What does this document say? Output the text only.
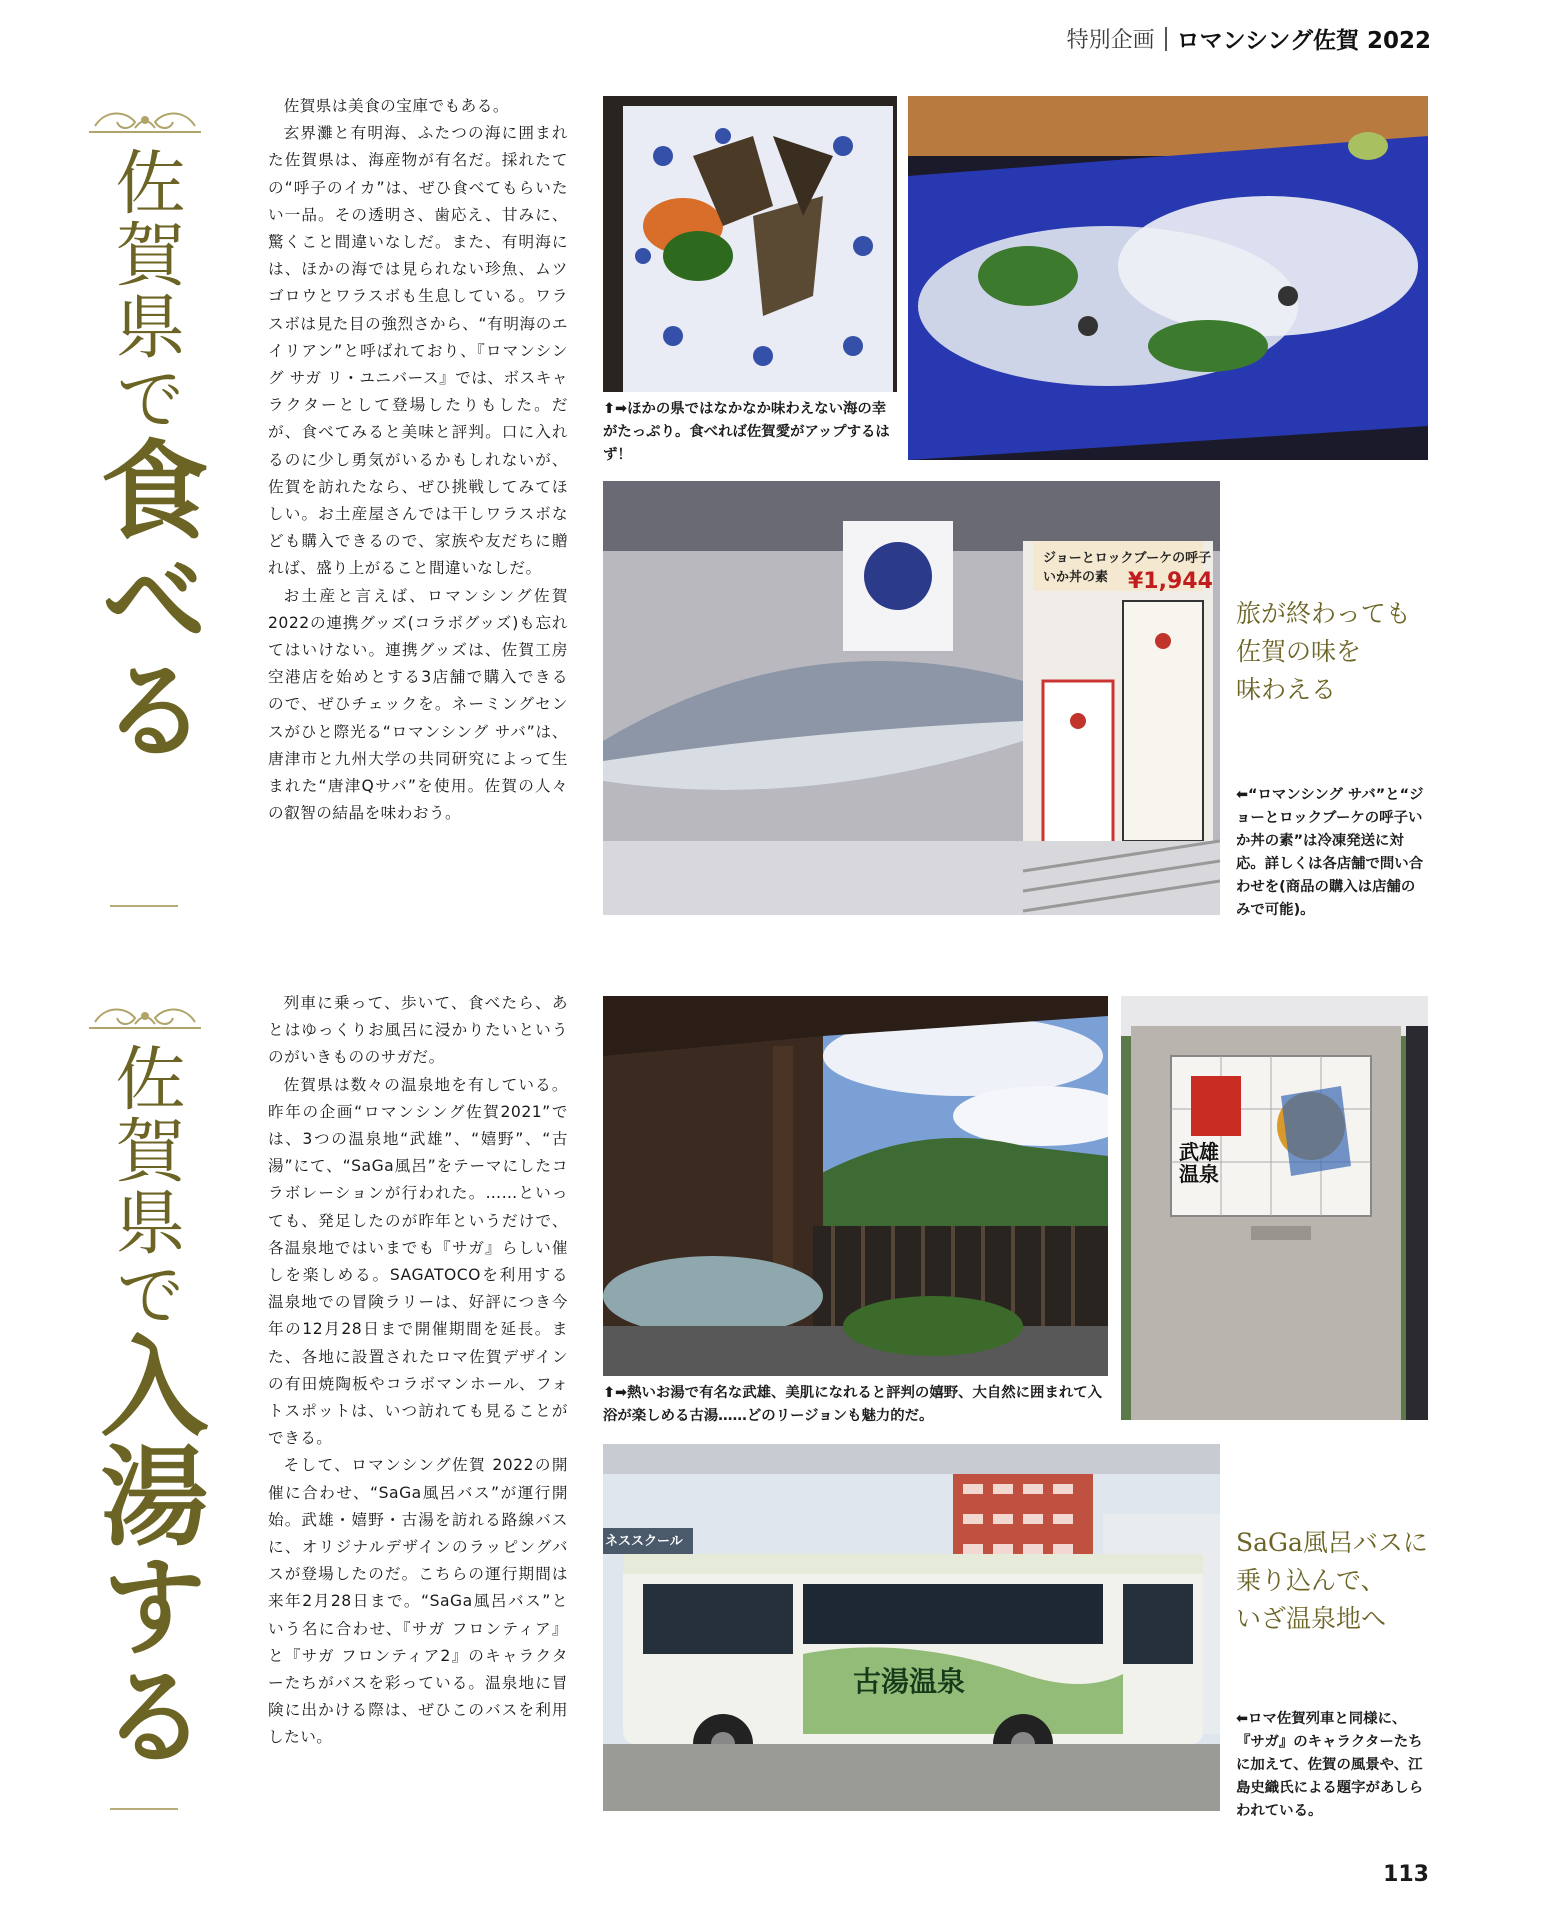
特別企画 ロマンシング佐賀 2022
佐賀県で食べる

佐賀県は美食の宝庫でもある。

玄界灘と有明海、ふたつの海に囲まれた佐賀県は、海産物が有名だ。採れたての“呼子のイカ”は、ぜひ食べてもらいたい一品。その透明さ、歯応え、甘みに、驚くこと間違いなしだ。また、有明海には、ほかの海では見られない珍魚、ムツゴロウとワラスボも生息している。ワラスボは見た目の強烈さから、“有明海のエイリアン”と呼ばれており、『ロマンシング サガ リ・ユニバース』では、ボスキャラクターとして登場したりもした。だが、食べてみると美味と評判。口に入れるのに少し勇気がいるかもしれないが、佐賀を訪れたなら、ぜひ挑戦してみてほしい。お土産屋さんでは干しワラスボなども購入できるので、家族や友だちに贈れば、盛り上がること間違いなしだ。

お土産と言えば、ロマンシング佐賀2022の連携グッズ(コラボグッズ)も忘れてはいけない。連携グッズは、佐賀工房 空港店を始めとする3店舗で購入できるので、ぜひチェックを。ネーミングセンスがひと際光る“ロマンシング サバ”は、唐津市と九州大学の共同研究によって生まれた“唐津Qサバ”を使用。佐賀の人々の叡智の結晶を味わおう。

⬆➡ほかの県ではなかなか味わえない海の幸がたっぷり。食べれば佐賀愛がアップするはず！
ジョーとロックブーケの呼子いか丼の素 ¥1,944
旅が終わっても
佐賀の味を
味わえる
⬅“ロマンシング サバ”と“ジョーとロックブーケの呼子いか丼の素”は冷凍発送に対応。詳しくは各店舗で問い合わせを(商品の購入は店舗のみで可能)。
佐賀県で入湯する

列車に乗って、歩いて、食べたら、あとはゆっくりお風呂に浸かりたいというのがいきもののサガだ。

佐賀県は数々の温泉地を有している。昨年の企画“ロマンシング佐賀2021”では、3つの温泉地“武雄”、“嬉野”、“古湯”にて、“SaGa風呂”をテーマにしたコラボレーションが行われた。……といっても、発足したのが昨年というだけで、各温泉地ではいまでも『サガ』らしい催しを楽しめる。SAGATOCOを利用する温泉地での冒険ラリーは、好評につき今年の12月28日まで開催期間を延長。また、各地に設置されたロマ佐賀デザインの有田焼陶板やコラボマンホール、フォトスポットは、いつ訪れても見ることができる。

そして、ロマンシング佐賀 2022の開催に合わせ、“SaGa風呂バス”が運行開始。武雄・嬉野・古湯を訪れる路線バスに、オリジナルデザインのラッピングバスが登場したのだ。こちらの運行期間は来年2月28日まで。“SaGa風呂バス”という名に合わせ、『サガ フロンティア』と『サガ フロンティア2』のキャラクターたちがバスを彩っている。温泉地に冒険に出かける際は、ぜひこのバスを利用したい。

武雄温泉
⬆➡熱いお湯で有名な武雄、美肌になれると評判の嬉野、大自然に囲まれて入浴が楽しめる古湯……どのリージョンも魅力的だ。
ネススクール
古湯温泉
SaGa風呂バスに
乗り込んで、
いざ温泉地へ
⬅ロマ佐賀列車と同様に、『サガ』のキャラクターたちに加えて、佐賀の風景や、江島史織氏による題字があしらわれている。
113
